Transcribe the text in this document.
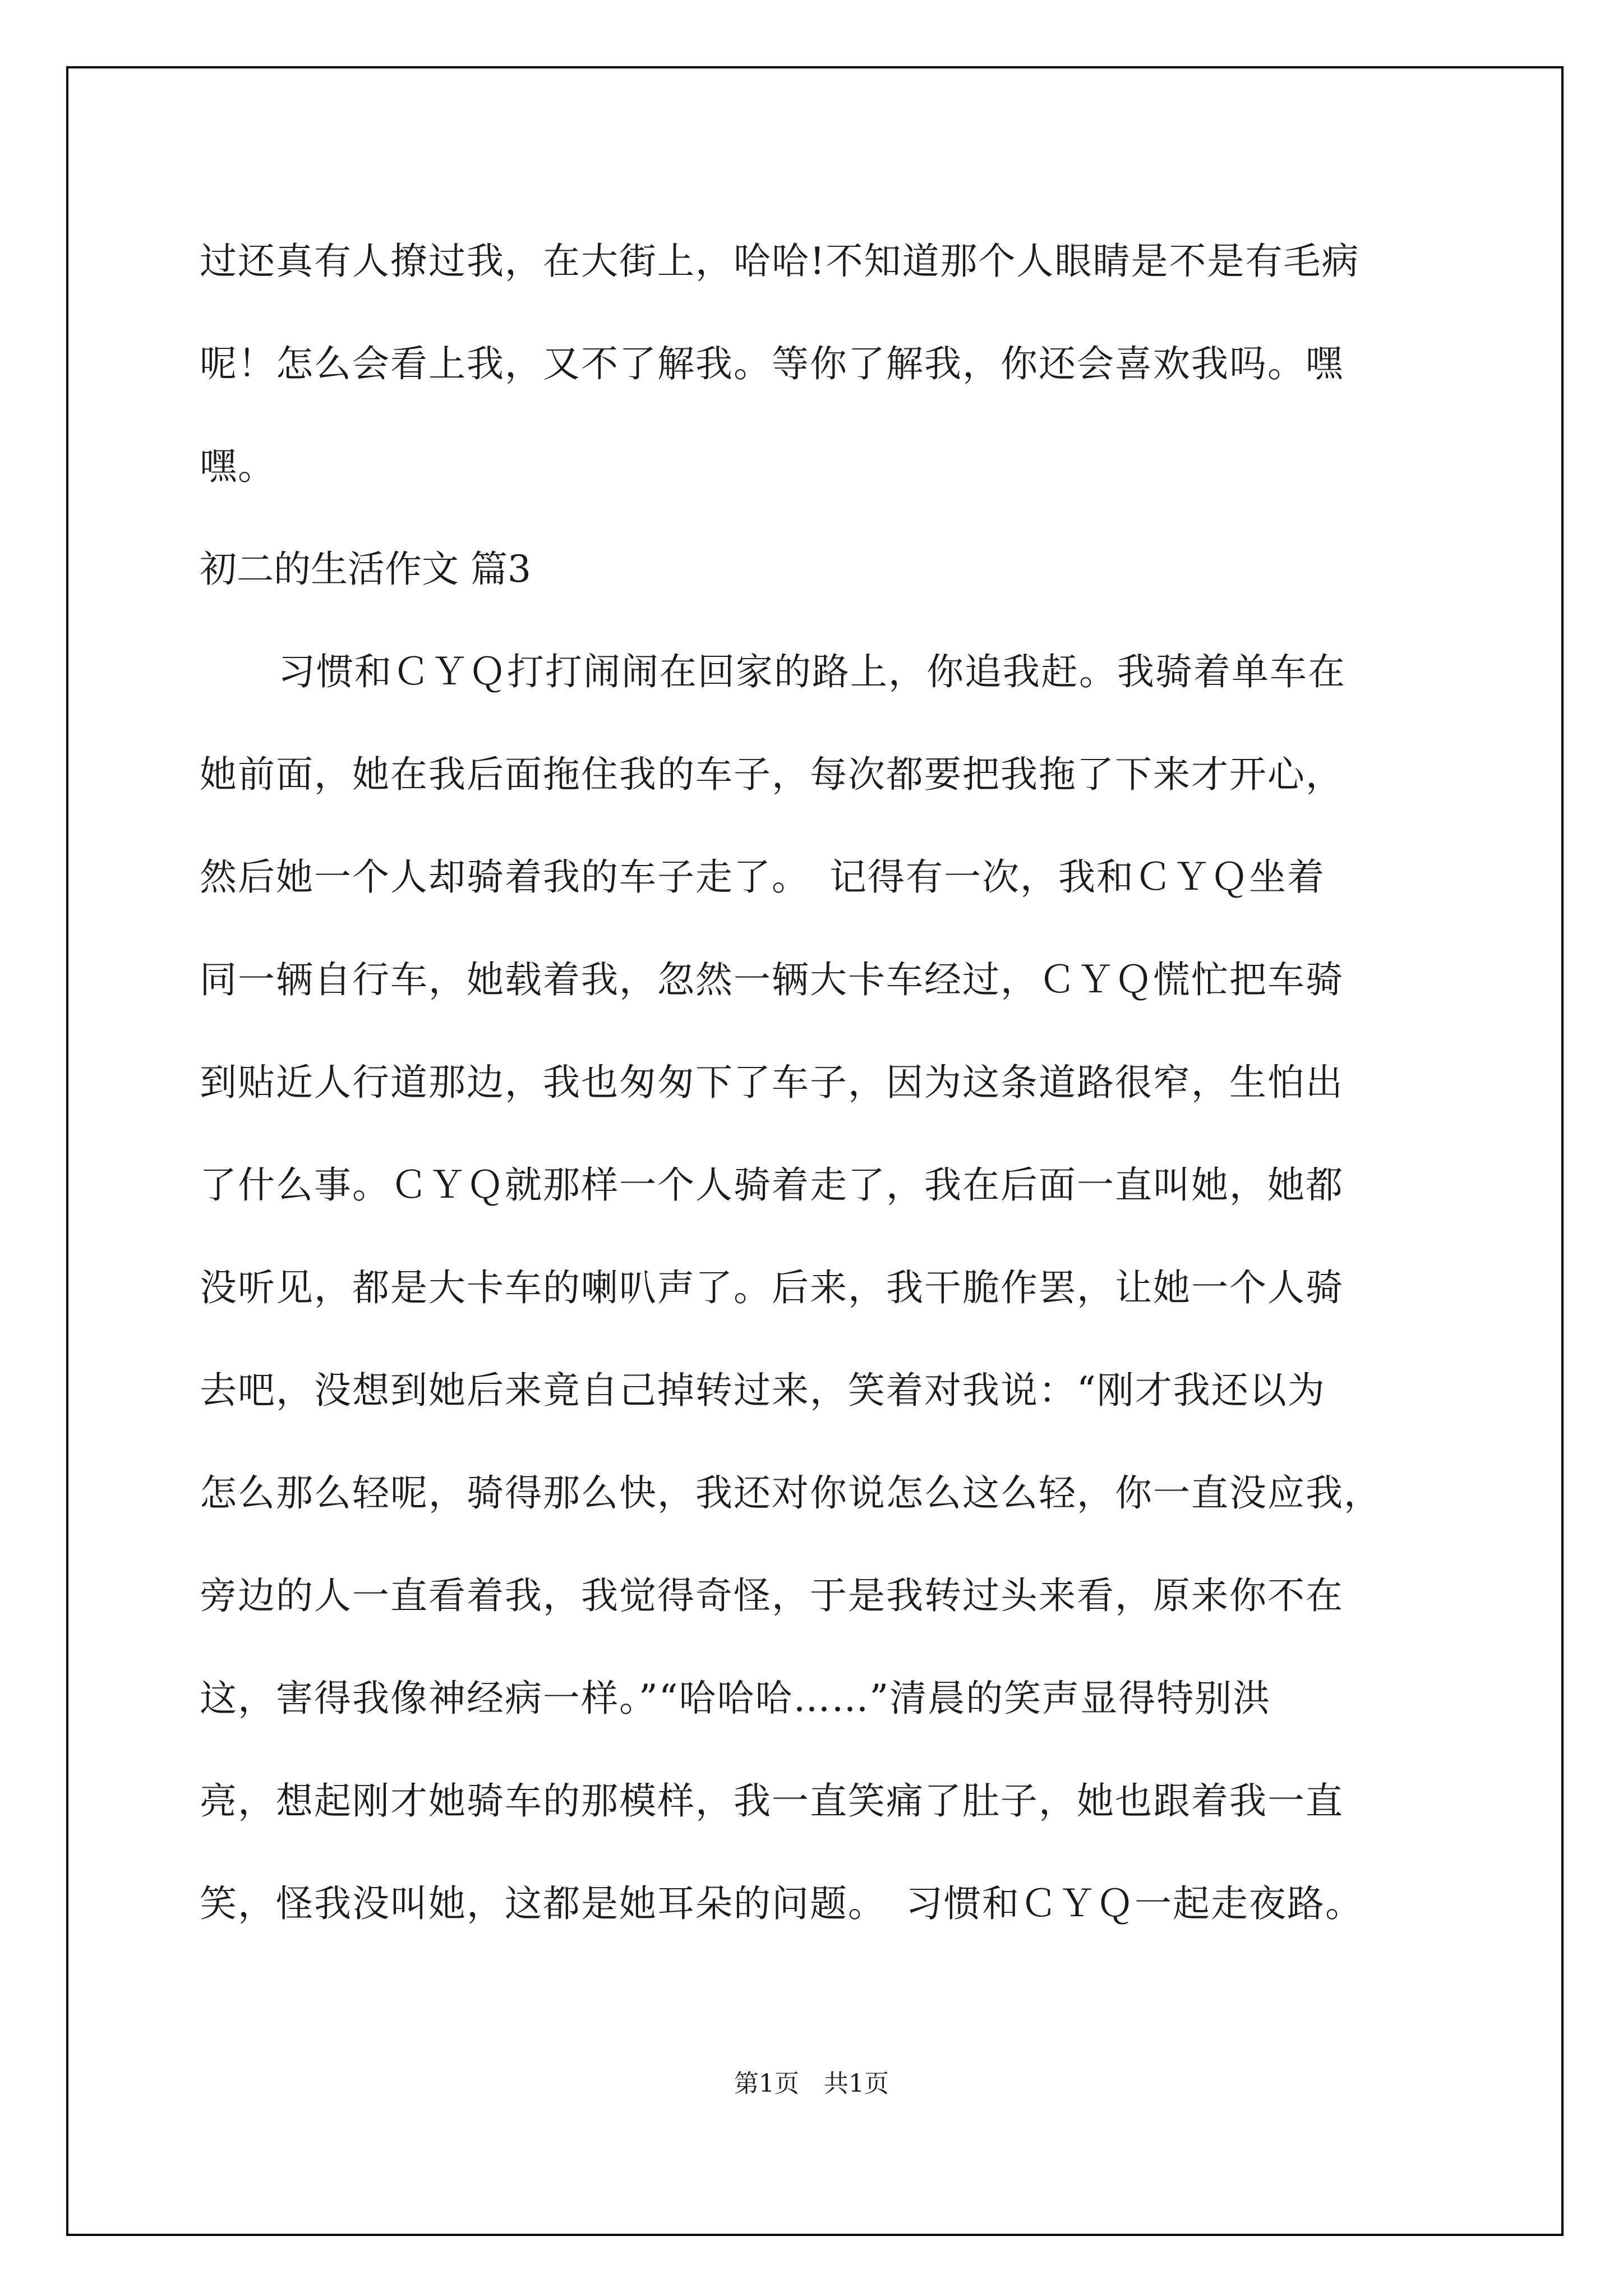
过还真有人撩过我，在大街上，哈哈!不知道那个人眼睛是不是有毛病
呢！怎么会看上我，又不了解我。等你了解我，你还会喜欢我吗。嘿
嘿。
初二的生活作文 篇3
习惯和ＣＹＱ打打闹闹在回家的路上，你追我赶。我骑着单车在
她前面，她在我后面拖住我的车子，每次都要把我拖了下来才开心，
然后她一个人却骑着我的车子走了。　记得有一次，我和ＣＹＱ坐着
同一辆自行车，她载着我，忽然一辆大卡车经过，ＣＹＱ慌忙把车骑
到贴近人行道那边，我也匆匆下了车子，因为这条道路很窄，生怕出
了什么事。ＣＹＱ就那样一个人骑着走了，我在后面一直叫她，她都
没听见，都是大卡车的喇叭声了。后来，我干脆作罢，让她一个人骑
去吧，没想到她后来竟自己掉转过来，笑着对我说：“刚才我还以为
怎么那么轻呢，骑得那么快，我还对你说怎么这么轻，你一直没应我，
旁边的人一直看着我，我觉得奇怪，于是我转过头来看，原来你不在
这，害得我像神经病一样。”“哈哈哈……”清晨的笑声显得特别洪
亮，想起刚才她骑车的那模样，我一直笑痛了肚子，她也跟着我一直
笑，怪我没叫她，这都是她耳朵的问题。　习惯和ＣＹＱ一起走夜路。
第1页　共1页
